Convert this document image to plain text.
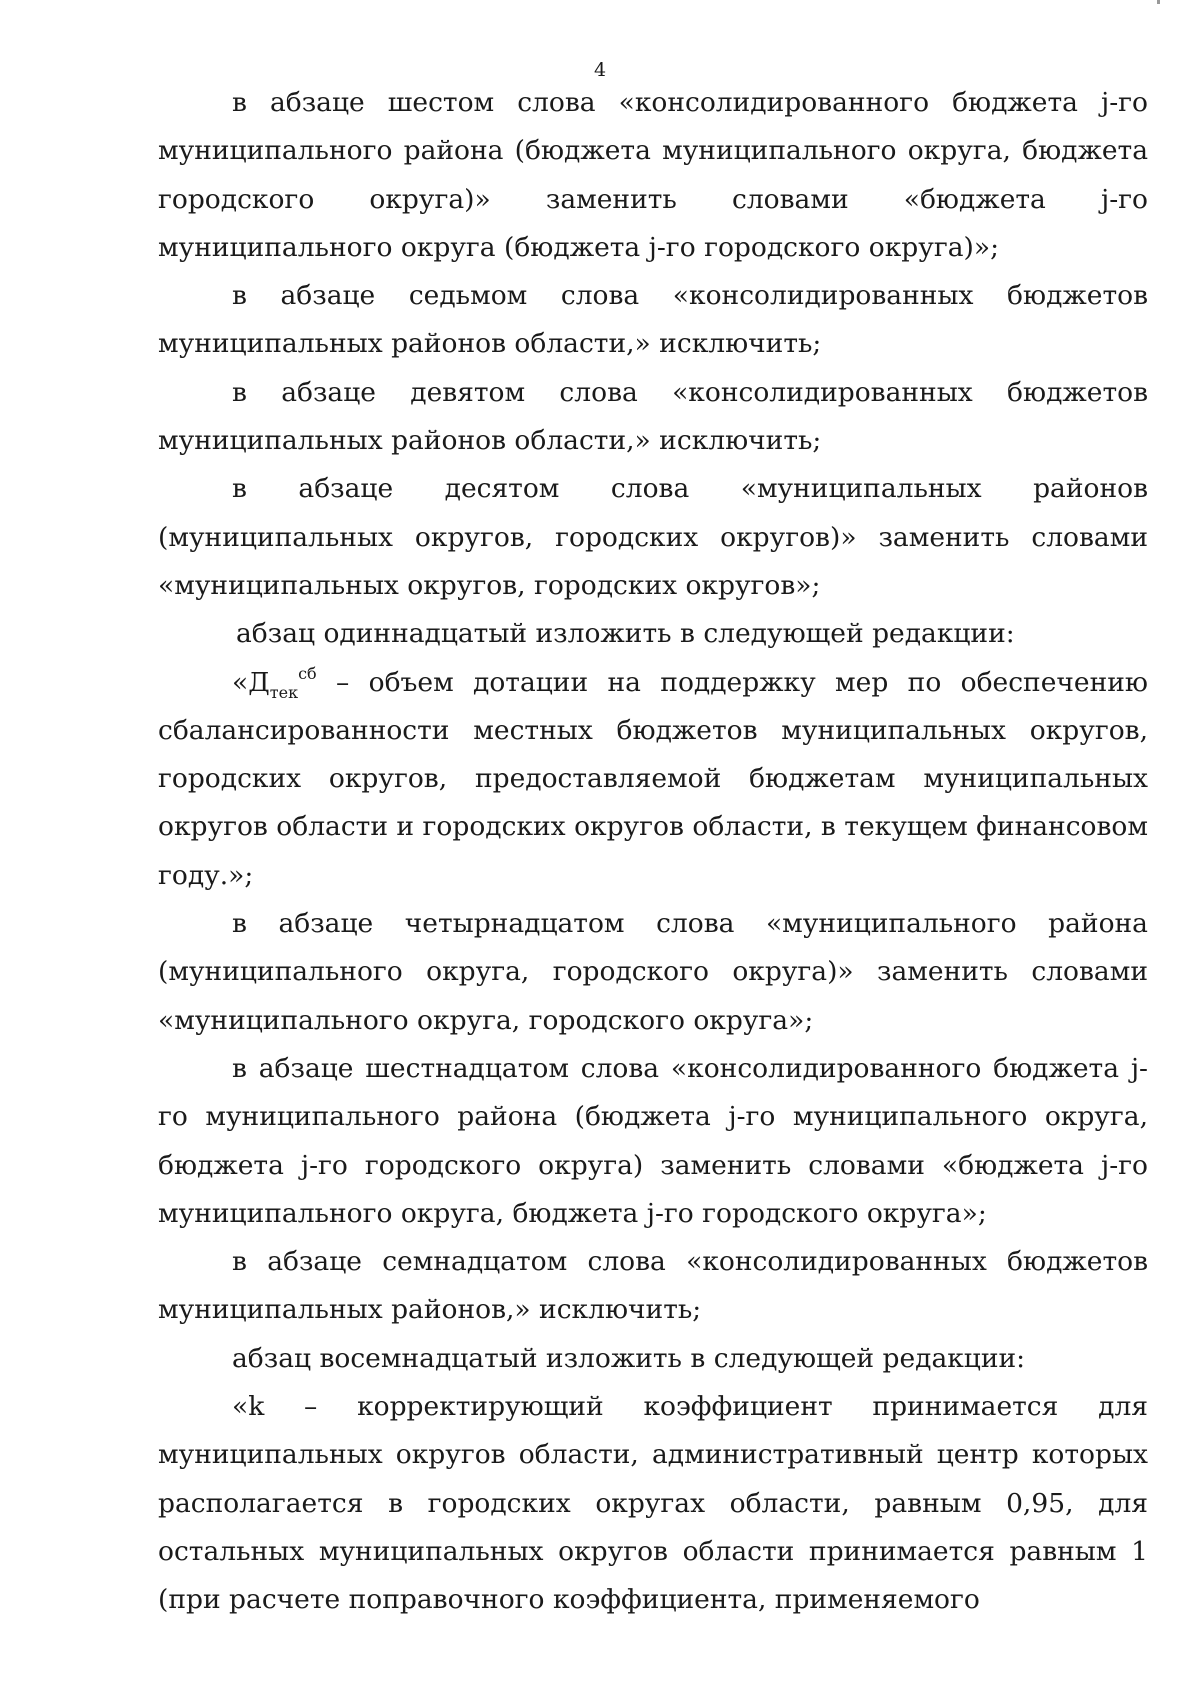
4

в абзаце шестом слова «консолидированного бюджета j-го муниципального района (бюджета муниципального округа, бюджета городского округа)» заменить словами «бюджета j-го муниципального округа (бюджета j-го городского округа)»;

в абзаце седьмом слова «консолидированных бюджетов муниципальных районов области,» исключить;

в абзаце девятом слова «консолидированных бюджетов муниципальных районов области,» исключить;

в абзаце десятом слова «муниципальных районов (муниципальных округов, городских округов)» заменить словами «муниципальных округов, городских округов»;

абзац одиннадцатый изложить в следующей редакции:

«$Д_{тек}^{сб}$ – объем дотации на поддержку мер по обеспечению сбалансированности местных бюджетов муниципальных округов, городских округов, предоставляемой бюджетам муниципальных округов области и городских округов области, в текущем финансовом году.»;

в абзаце четырнадцатом слова «муниципального района (муниципального округа, городского округа)» заменить словами «муниципального округа, городского округа»;

в абзаце шестнадцатом слова «консолидированного бюджета j-го муниципального района (бюджета j-го муниципального округа, бюджета j-го городского округа) заменить словами «бюджета j-го муниципального округа, бюджета j-го городского округа»;

в абзаце семнадцатом слова «консолидированных бюджетов муниципальных районов,» исключить;

абзац восемнадцатый изложить в следующей редакции:

«k – корректирующий коэффициент принимается для муниципальных округов области, административный центр которых располагается в городских округах области, равным 0,95, для остальных муниципальных округов области принимается равным 1 (при расчете поправочного коэффициента, применяемого
